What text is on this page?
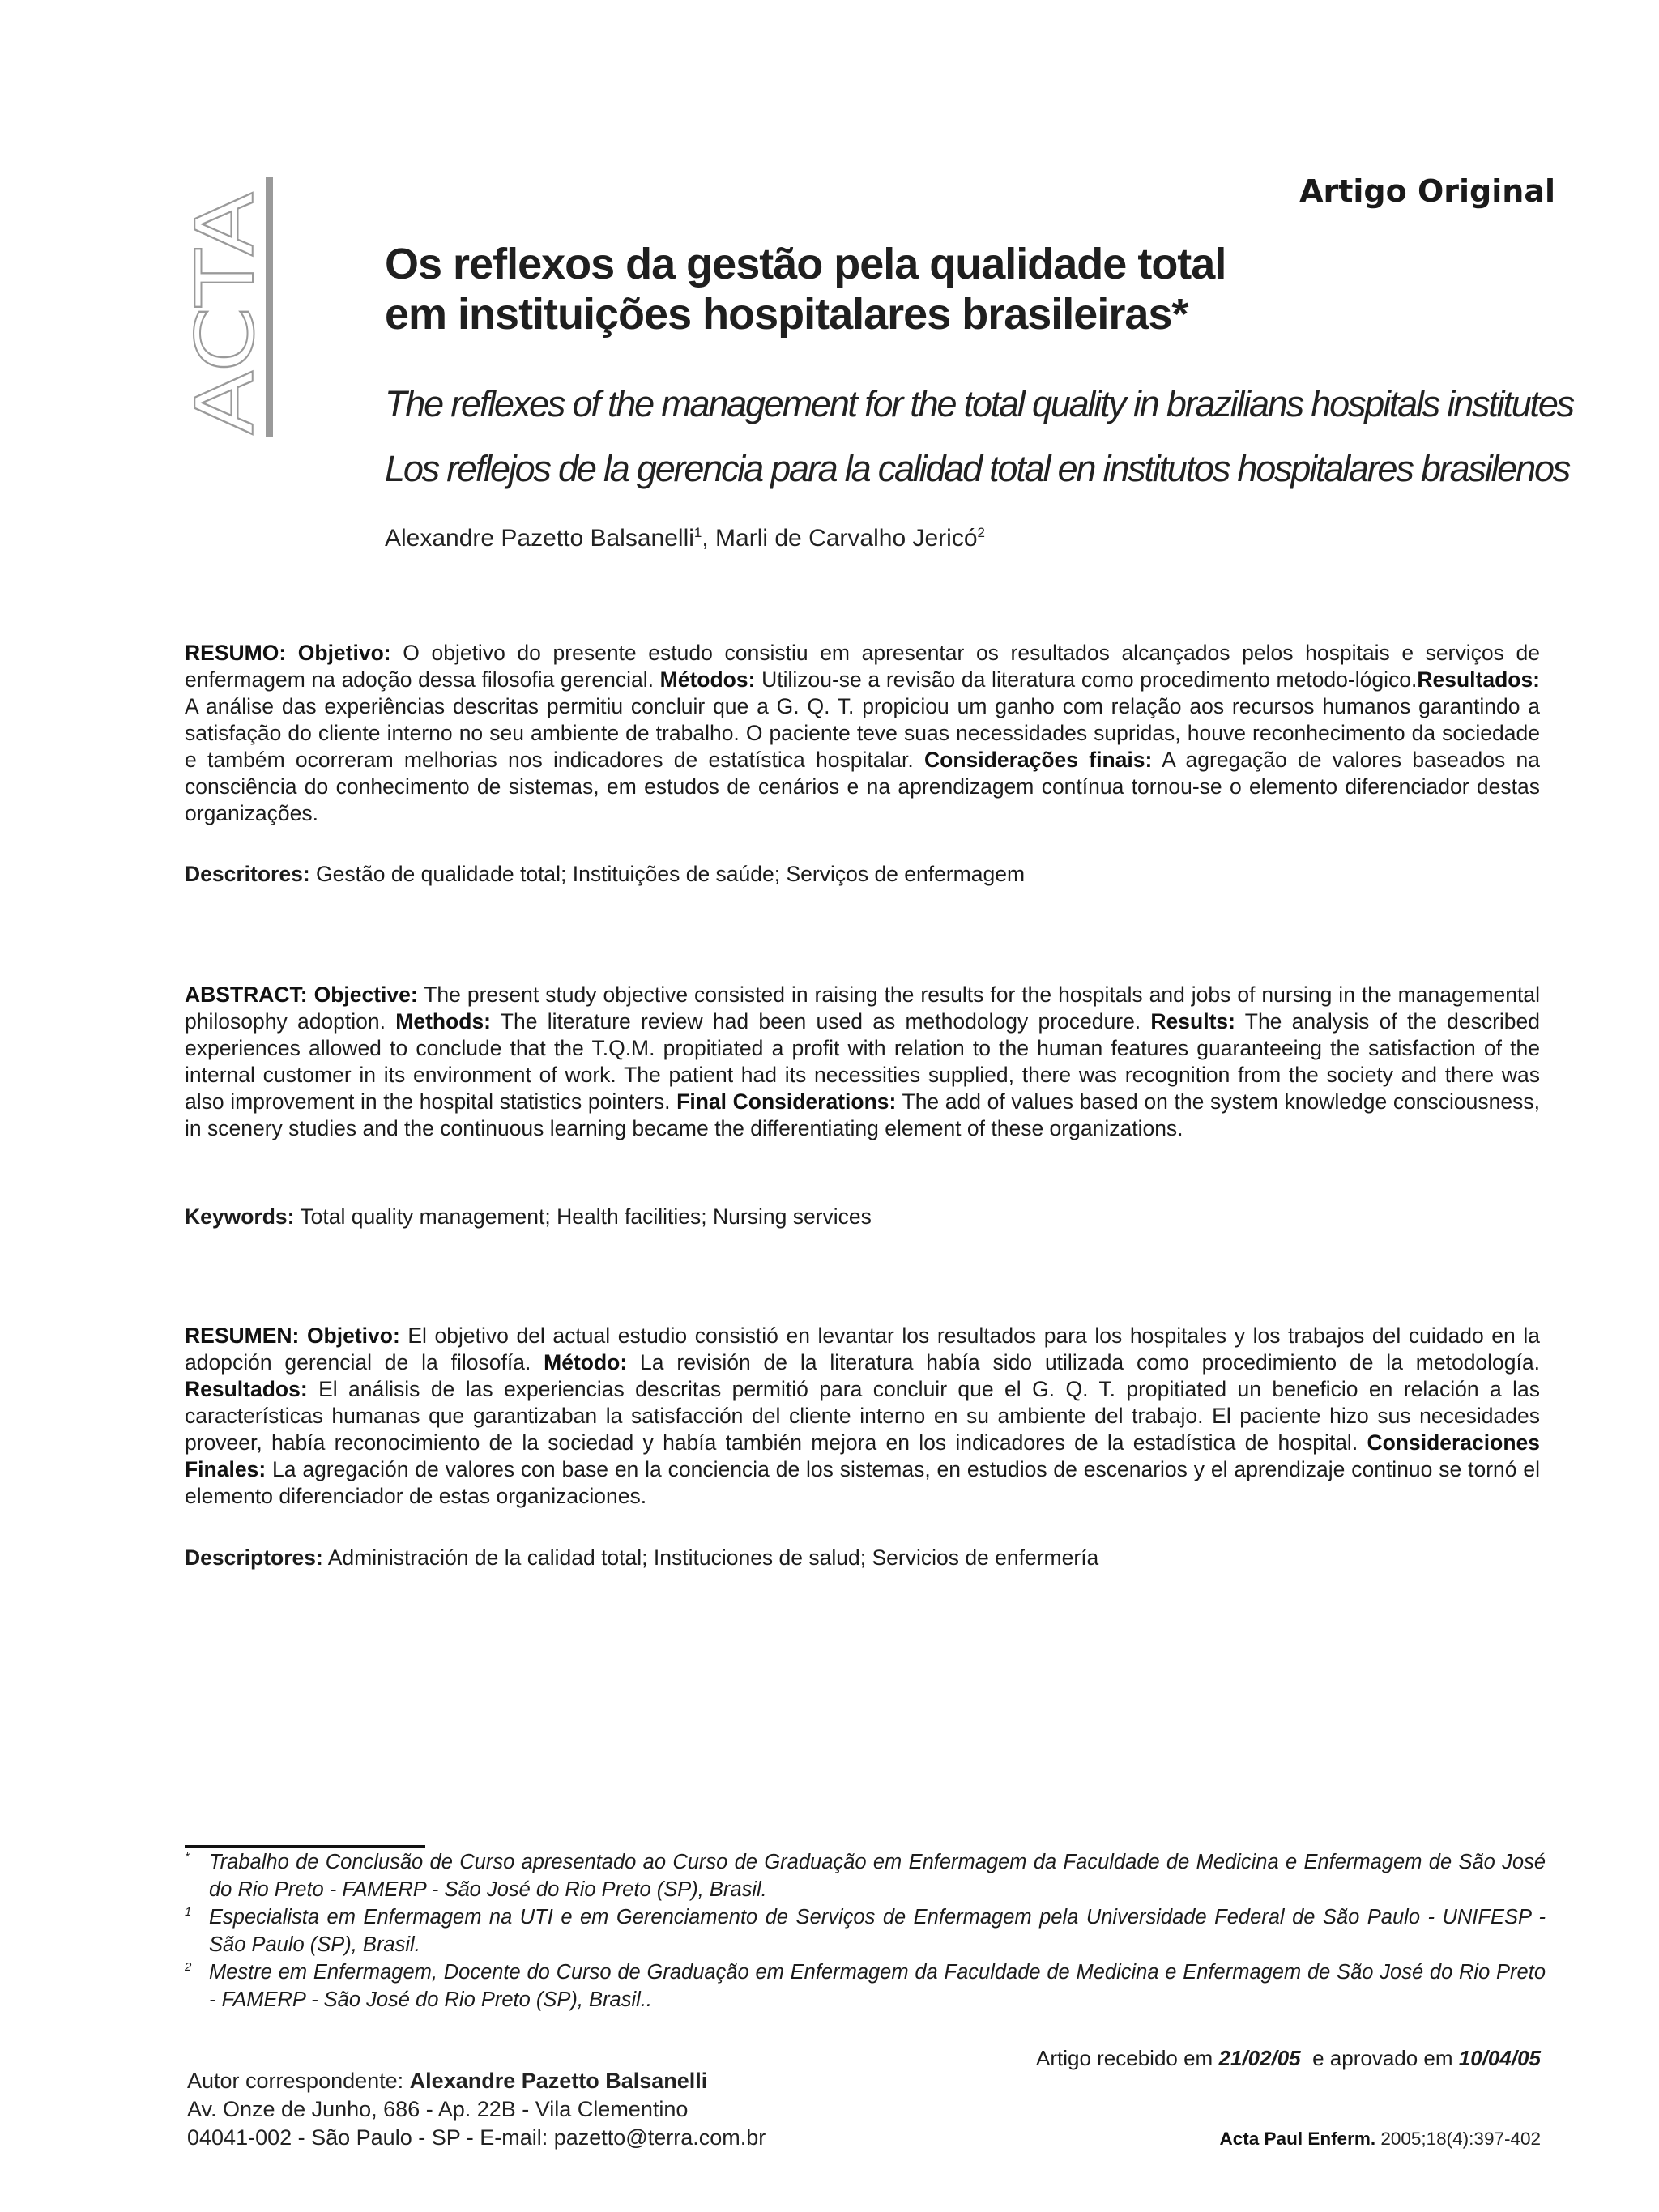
ACTA
Artigo Original
Os reflexos da gestão pela qualidade total
em instituições hospitalares brasileiras*
The reflexes of the management for the total quality in brazilians hospitals institutes
Los reflejos de la gerencia para la calidad total en institutos hospitalares brasilenos
Alexandre Pazetto Balsanelli$^1$, Marli de Carvalho Jericó$^2$
RESUMO: Objetivo: O objetivo do presente estudo consistiu em apresentar os resultados alcançados pelos hospitais e serviços de enfermagem na adoção dessa filosofia gerencial. Métodos: Utilizou-se a revisão da literatura como procedimento metodo-lógico.Resultados: A análise das experiências descritas permitiu concluir que a G. Q. T. propiciou um ganho com relação aos recursos humanos garantindo a satisfação do cliente interno no seu ambiente de trabalho. O paciente teve suas necessidades supridas, houve reconhecimento da sociedade e também ocorreram melhorias nos indicadores de estatística hospitalar. Considerações finais: A agregação de valores baseados na consciência do conhecimento de sistemas, em estudos de cenários e na aprendizagem contínua tornou-se o elemento diferenciador destas organizações.
Descritores: Gestão de qualidade total; Instituições de saúde; Serviços de enfermagem
ABSTRACT: Objective: The present study objective consisted in raising the results for the hospitals and jobs of nursing in the managemental philosophy adoption. Methods: The literature review had been used as methodology procedure. Results: The analysis of the described experiences allowed to conclude that the T.Q.M. propitiated a profit with relation to the human features guaranteeing the satisfaction of the internal customer in its environment of work. The patient had its necessities supplied, there was recognition from the society and there was also improvement in the hospital statistics pointers. Final Considerations: The add of values based on the system knowledge consciousness, in scenery studies and the continuous learning became the differentiating element of these organizations.
Keywords: Total quality management; Health facilities; Nursing services
RESUMEN: Objetivo: El objetivo del actual estudio consistió en levantar los resultados para los hospitales y los trabajos del cuidado en la adopción gerencial de la filosofía. Método: La revisión de la literatura había sido utilizada como procedimiento de la metodología. Resultados: El análisis de las experiencias descritas permitió para concluir que el G. Q. T. propitiated un beneficio en relación a las características humanas que garantizaban la satisfacción del cliente interno en su ambiente del trabajo. El paciente hizo sus necesidades proveer, había reconocimiento de la sociedad y había también mejora en los indicadores de la estadística de hospital. Consideraciones Finales: La agregación de valores con base en la conciencia de los sistemas, en estudios de escenarios y el aprendizaje continuo se tornó el elemento diferenciador de estas organizaciones.
Descriptores: Administración de la calidad total; Instituciones de salud; Servicios de enfermería
* Trabalho de Conclusão de Curso apresentado ao Curso de Graduação em Enfermagem da Faculdade de Medicina e Enfermagem de São José do Rio Preto - FAMERP - São José do Rio Preto (SP), Brasil.
1 Especialista em Enfermagem na UTI e em Gerenciamento de Serviços de Enfermagem pela Universidade Federal de São Paulo - UNIFESP - São Paulo (SP), Brasil.
2 Mestre em Enfermagem, Docente do Curso de Graduação em Enfermagem da Faculdade de Medicina e Enfermagem de São José do Rio Preto - FAMERP - São José do Rio Preto (SP), Brasil..
Artigo recebido em 21/02/05  e aprovado em 10/04/05
Autor correspondente: Alexandre Pazetto Balsanelli
Av. Onze de Junho, 686 - Ap. 22B - Vila Clementino
04041-002 - São Paulo - SP - E-mail: pazetto@terra.com.br	Acta Paul Enferm. 2005;18(4):397-402
